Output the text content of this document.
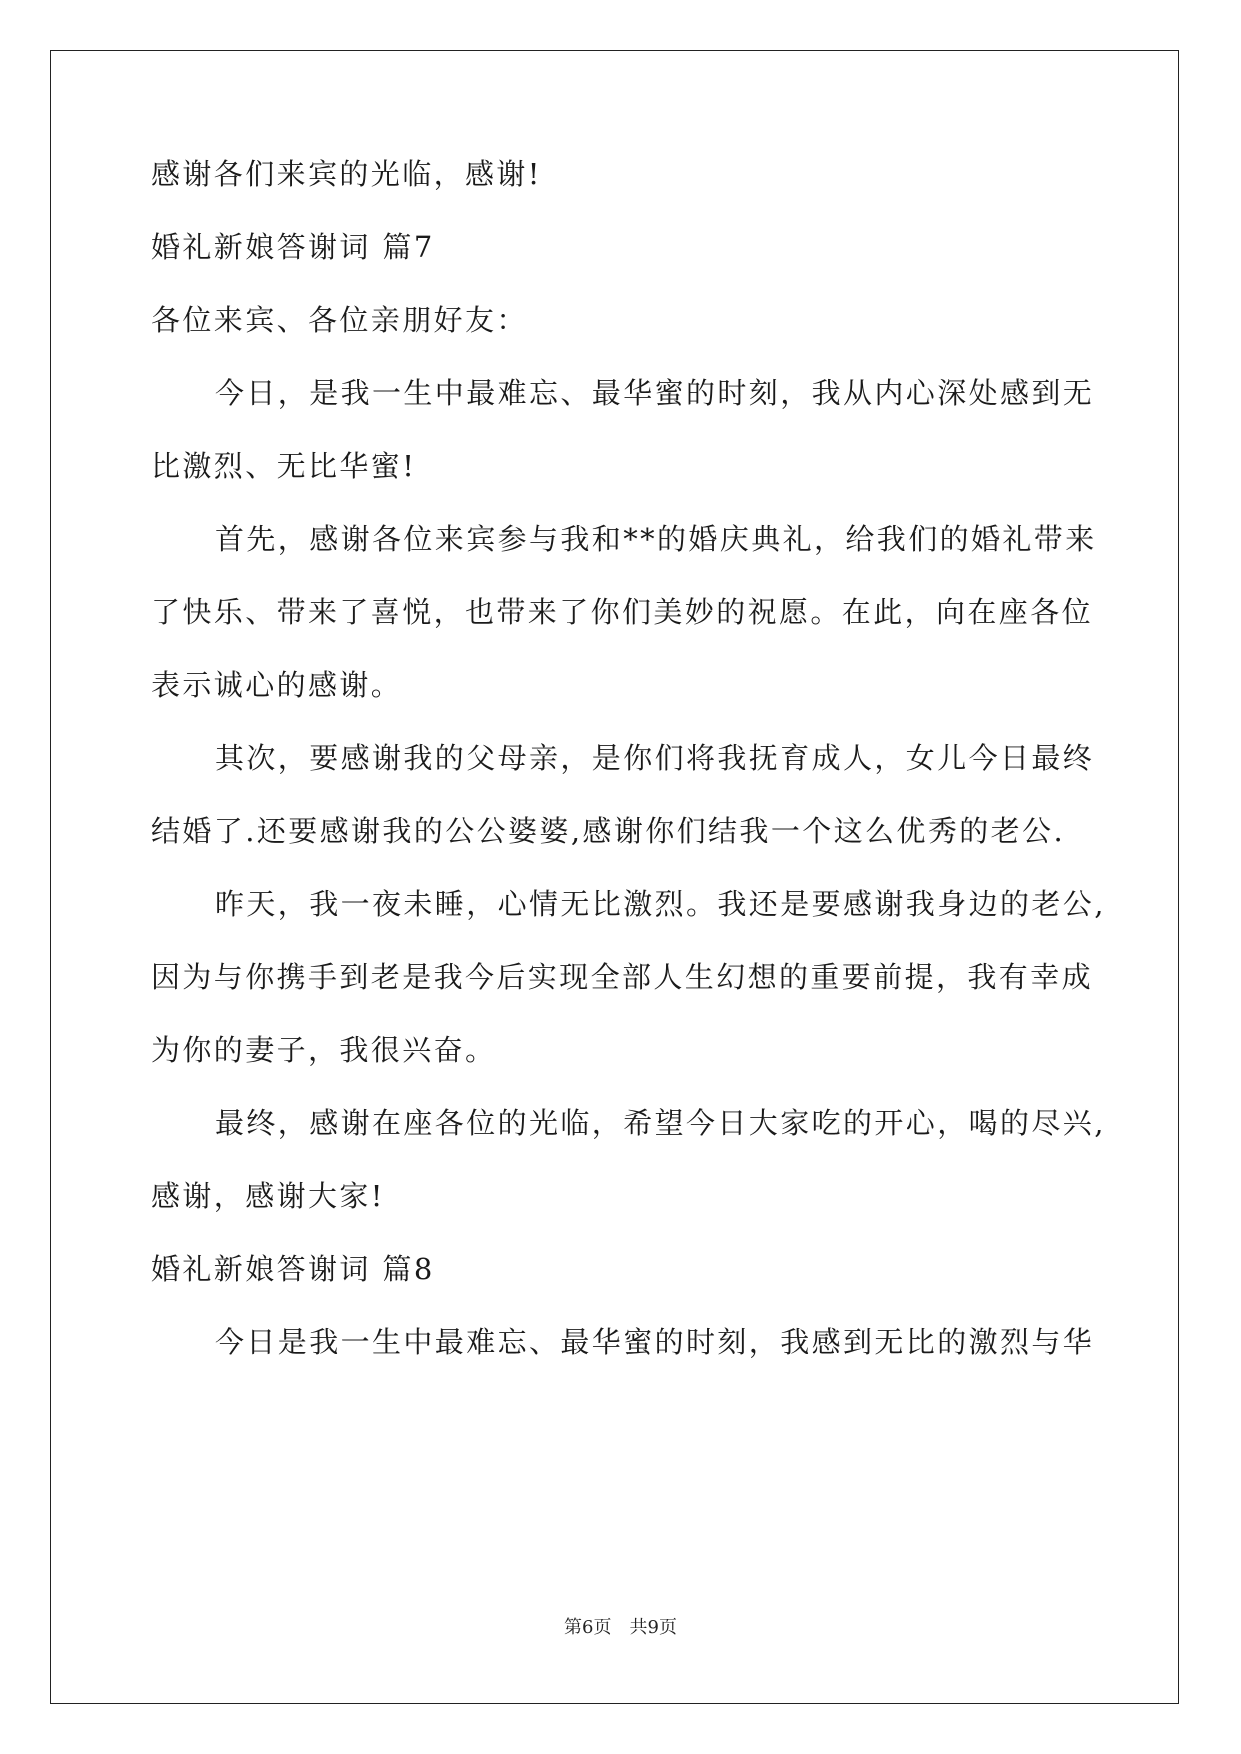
感谢各们来宾的光临，感谢!
婚礼新娘答谢词 篇7
各位来宾、各位亲朋好友：
今日，是我一生中最难忘、最华蜜的时刻，我从内心深处感到无
比激烈、无比华蜜!
首先，感谢各位来宾参与我和**的婚庆典礼，给我们的婚礼带来
了快乐、带来了喜悦，也带来了你们美妙的祝愿。在此，向在座各位
表示诚心的感谢。
其次，要感谢我的父母亲，是你们将我抚育成人，女儿今日最终
结婚了.还要感谢我的公公婆婆,感谢你们结我一个这么优秀的老公.
昨天，我一夜未睡，心情无比激烈。我还是要感谢我身边的老公,
因为与你携手到老是我今后实现全部人生幻想的重要前提，我有幸成
为你的妻子，我很兴奋。
最终，感谢在座各位的光临，希望今日大家吃的开心，喝的尽兴,
感谢，感谢大家!
婚礼新娘答谢词 篇8
今日是我一生中最难忘、最华蜜的时刻，我感到无比的激烈与华
第6页 共9页
